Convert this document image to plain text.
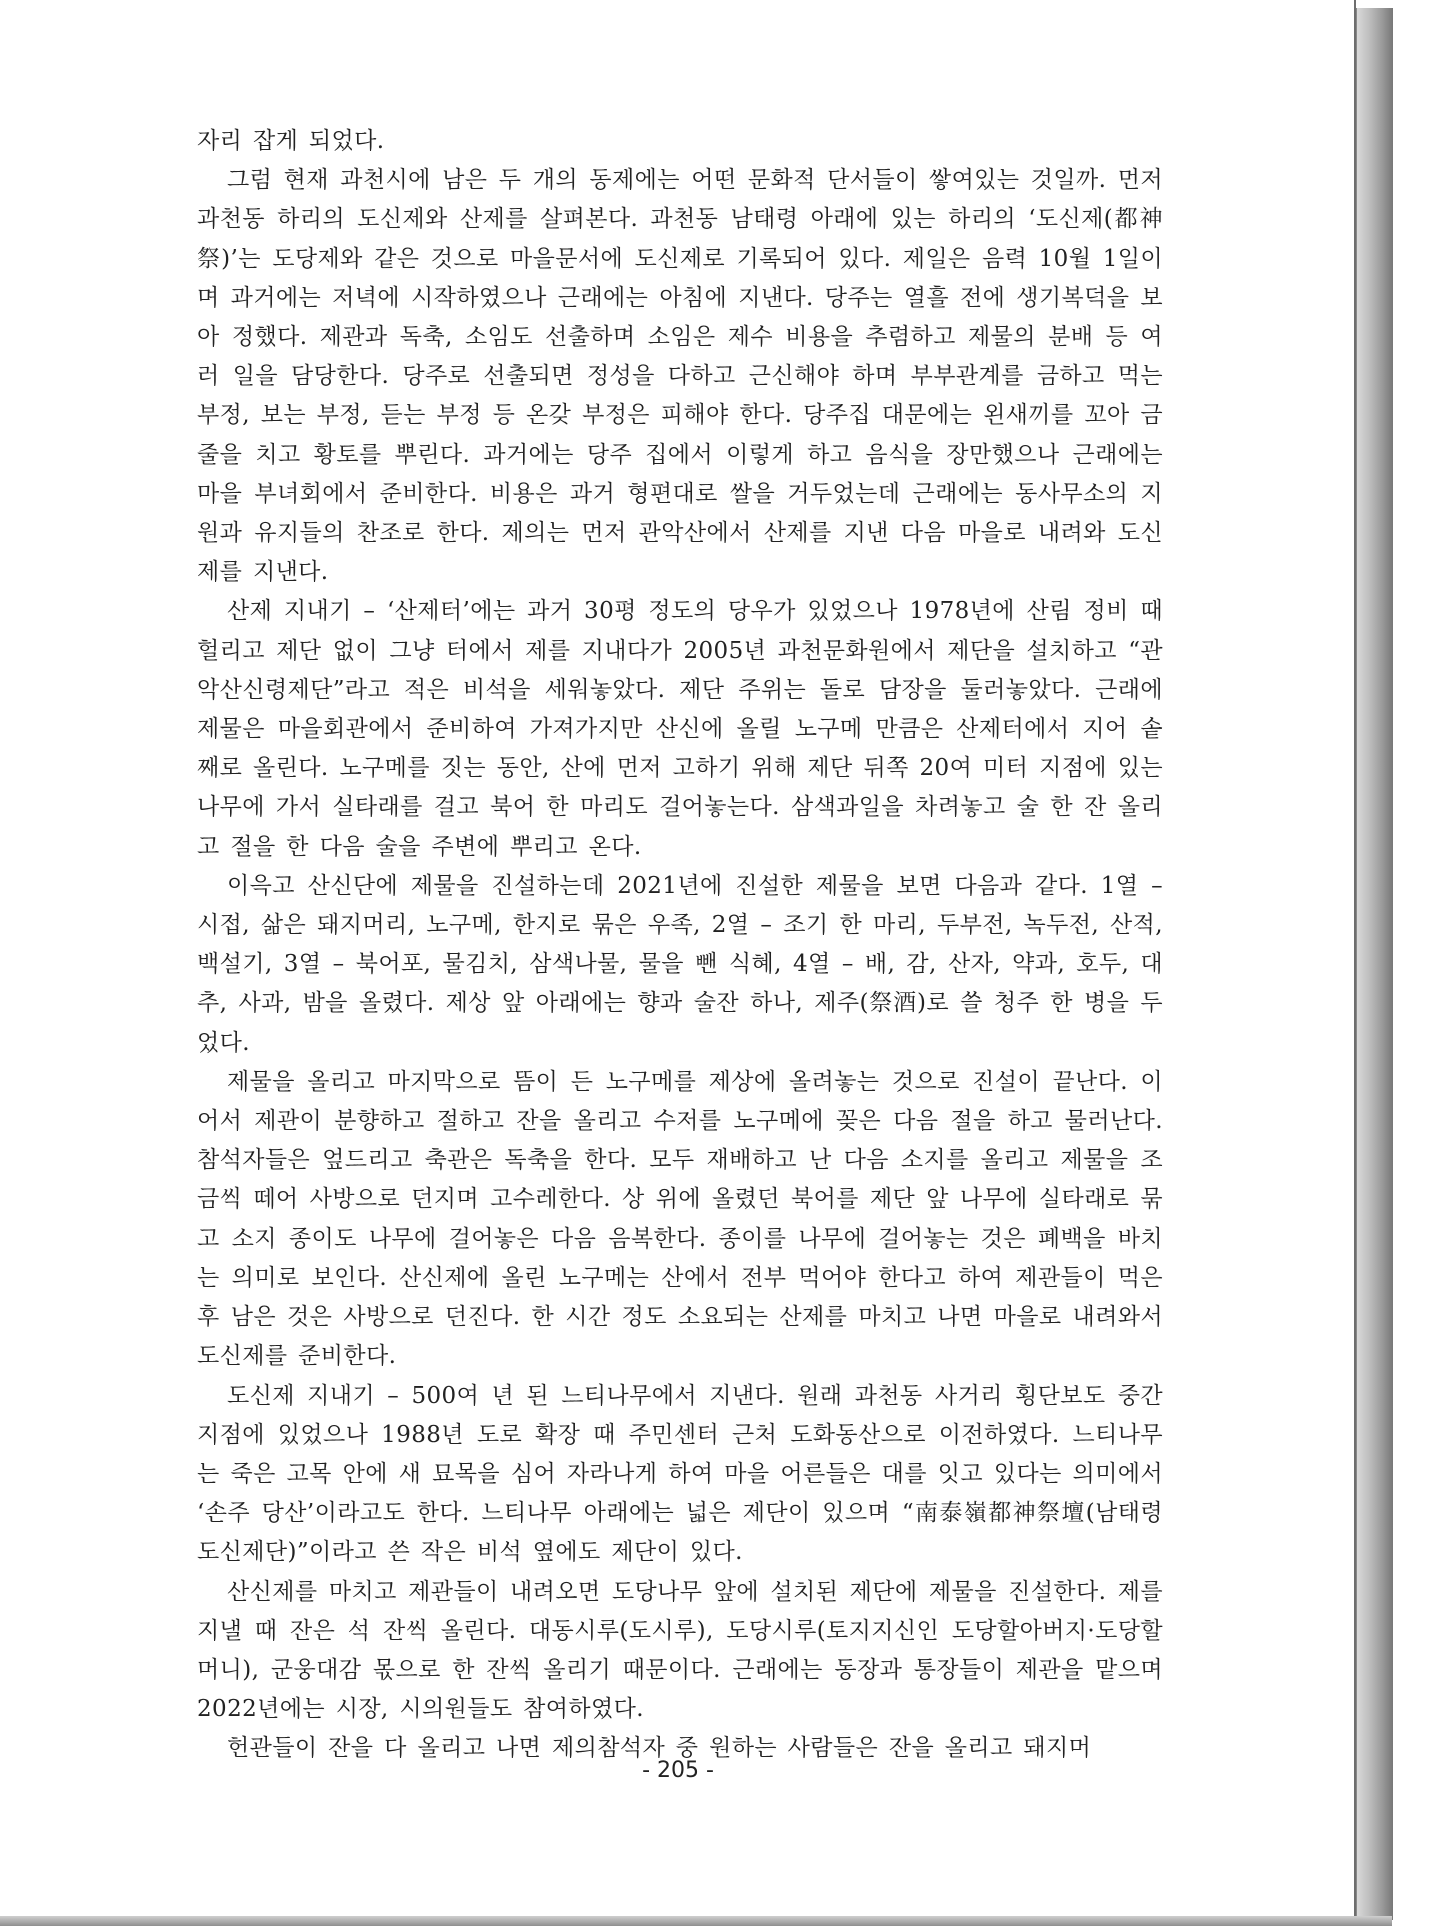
자리 잡게 되었다.

그럼 현재 과천시에 남은 두 개의 동제에는 어떤 문화적 단서들이 쌓여있는 것일까. 먼저 과천동 하리의 도신제와 산제를 살펴본다. 과천동 남태령 아래에 있는 하리의 ‘도신제(都神祭)’는 도당제와 같은 것으로 마을문서에 도신제로 기록되어 있다. 제일은 음력 10월 1일이며 과거에는 저녁에 시작하였으나 근래에는 아침에 지낸다. 당주는 열흘 전에 생기복덕을 보아 정했다. 제관과 독축, 소임도 선출하며 소임은 제수 비용을 추렴하고 제물의 분배 등 여러 일을 담당한다. 당주로 선출되면 정성을 다하고 근신해야 하며 부부관계를 금하고 먹는 부정, 보는 부정, 듣는 부정 등 온갖 부정은 피해야 한다. 당주집 대문에는 왼새끼를 꼬아 금줄을 치고 황토를 뿌린다. 과거에는 당주 집에서 이렇게 하고 음식을 장만했으나 근래에는 마을 부녀회에서 준비한다. 비용은 과거 형편대로 쌀을 거두었는데 근래에는 동사무소의 지원과 유지들의 찬조로 한다. 제의는 먼저 관악산에서 산제를 지낸 다음 마을로 내려와 도신제를 지낸다.

산제 지내기 – ‘산제터’에는 과거 30평 정도의 당우가 있었으나 1978년에 산림 정비 때 헐리고 제단 없이 그냥 터에서 제를 지내다가 2005년 과천문화원에서 제단을 설치하고 “관악산신령제단”라고 적은 비석을 세워놓았다. 제단 주위는 돌로 담장을 둘러놓았다. 근래에 제물은 마을회관에서 준비하여 가져가지만 산신에 올릴 노구메 만큼은 산제터에서 지어 솥째로 올린다. 노구메를 짓는 동안, 산에 먼저 고하기 위해 제단 뒤쪽 20여 미터 지점에 있는 나무에 가서 실타래를 걸고 북어 한 마리도 걸어놓는다. 삼색과일을 차려놓고 술 한 잔 올리고 절을 한 다음 술을 주변에 뿌리고 온다.

이윽고 산신단에 제물을 진설하는데 2021년에 진설한 제물을 보면 다음과 같다. 1열 – 시접, 삶은 돼지머리, 노구메, 한지로 묶은 우족, 2열 – 조기 한 마리, 두부전, 녹두전, 산적, 백설기, 3열 – 북어포, 물김치, 삼색나물, 물을 뺀 식혜, 4열 – 배, 감, 산자, 약과, 호두, 대추, 사과, 밤을 올렸다. 제상 앞 아래에는 향과 술잔 하나, 제주(祭酒)로 쓸 청주 한 병을 두었다.

제물을 올리고 마지막으로 뜸이 든 노구메를 제상에 올려놓는 것으로 진설이 끝난다. 이어서 제관이 분향하고 절하고 잔을 올리고 수저를 노구메에 꽂은 다음 절을 하고 물러난다. 참석자들은 엎드리고 축관은 독축을 한다. 모두 재배하고 난 다음 소지를 올리고 제물을 조금씩 떼어 사방으로 던지며 고수레한다. 상 위에 올렸던 북어를 제단 앞 나무에 실타래로 묶고 소지 종이도 나무에 걸어놓은 다음 음복한다. 종이를 나무에 걸어놓는 것은 폐백을 바치는 의미로 보인다. 산신제에 올린 노구메는 산에서 전부 먹어야 한다고 하여 제관들이 먹은 후 남은 것은 사방으로 던진다. 한 시간 정도 소요되는 산제를 마치고 나면 마을로 내려와서 도신제를 준비한다.

도신제 지내기 – 500여 년 된 느티나무에서 지낸다. 원래 과천동 사거리 횡단보도 중간 지점에 있었으나 1988년 도로 확장 때 주민센터 근처 도화동산으로 이전하였다. 느티나무는 죽은 고목 안에 새 묘목을 심어 자라나게 하여 마을 어른들은 대를 잇고 있다는 의미에서 ‘손주 당산’이라고도 한다. 느티나무 아래에는 넓은 제단이 있으며 “南泰嶺都神祭壇(남태령도신제단)”이라고 쓴 작은 비석 옆에도 제단이 있다.

산신제를 마치고 제관들이 내려오면 도당나무 앞에 설치된 제단에 제물을 진설한다. 제를 지낼 때 잔은 석 잔씩 올린다. 대동시루(도시루), 도당시루(토지지신인 도당할아버지·도당할머니), 군웅대감 몫으로 한 잔씩 올리기 때문이다. 근래에는 동장과 통장들이 제관을 맡으며 2022년에는 시장, 시의원들도 참여하였다.

헌관들이 잔을 다 올리고 나면 제의참석자 중 원하는 사람들은 잔을 올리고 돼지머

- 205 -
